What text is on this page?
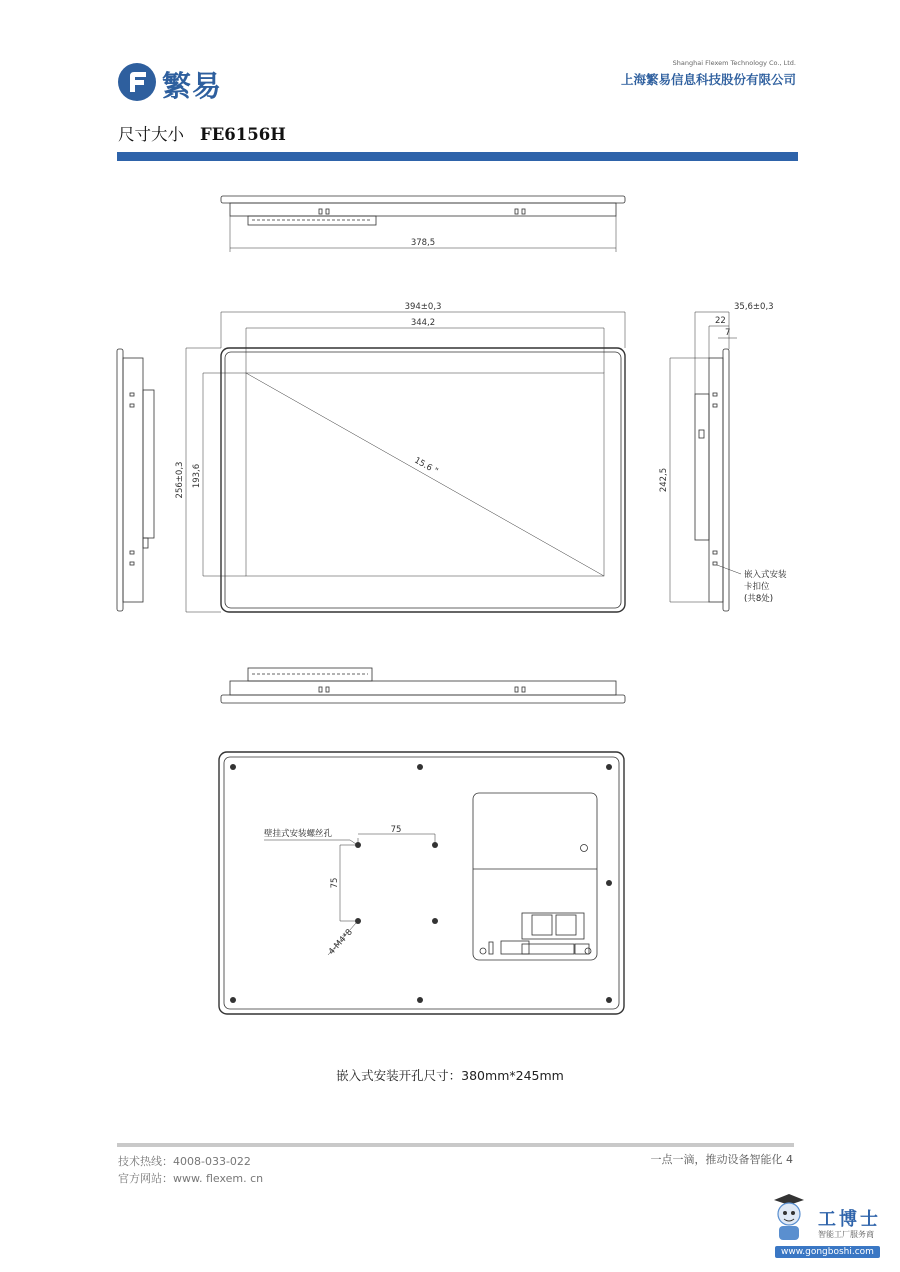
繁易
Shanghai Flexem Technology Co., Ltd.
上海繁易信息科技股份有限公司
尺寸大小 FE6156H
378,5
15.6 "
394±0,3
344,2
256±0,3 193,6
35,6±0,3
22
7
242,5
嵌入式安装
卡扣位
(共8处)
75
75
壁挂式安装螺丝孔
4-M4*8
嵌入式安装开孔尺寸：380mm*245mm
技术热线：4008-033-022
官方网站：www. flexem. cn
一点一滴，推动设备智能化 4
工博士
智能工厂服务商
www.gongboshi.com
